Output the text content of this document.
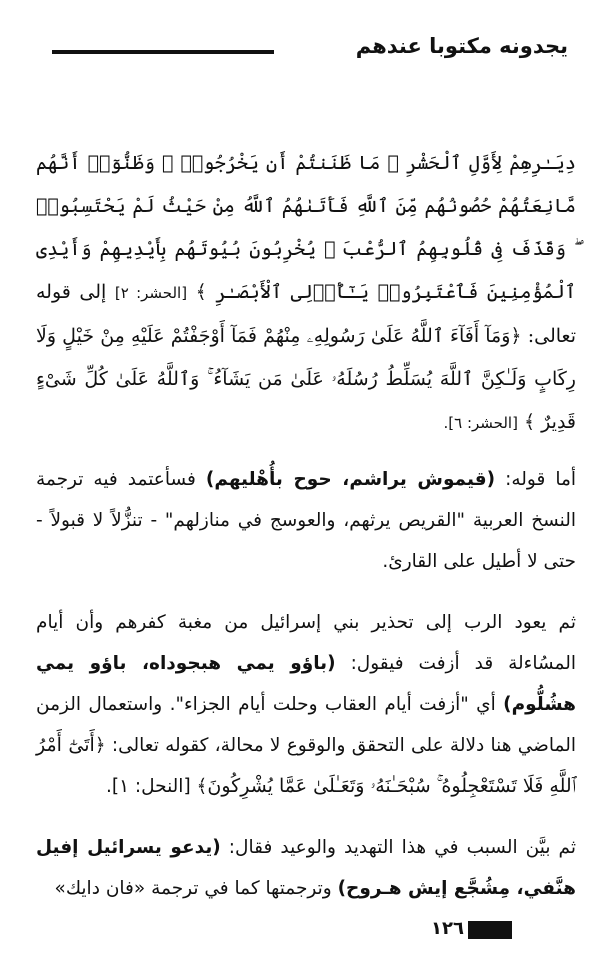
يجدونه مكتوبا عندهم

دِيَـٰرِهِمْ لِأَوَّلِ ٱلْحَشْرِ ۚ مَا ظَنَنتُمْ أَن يَخْرُجُوا۟ ۖ وَظَنُّوٓا۟ أَنَّهُم مَّانِعَتُهُمْ حُصُونُهُم مِّنَ ٱللَّهِ فَأَتَىٰهُمُ ٱللَّهُ مِنْ حَيْثُ لَمْ يَحْتَسِبُوا۟ ۖ وَقَذَفَ فِى قُلُوبِهِمُ ٱلرُّعْبَ ۚ يُخْرِبُونَ بُيُوتَهُم بِأَيْدِيهِمْ وَأَيْدِى ٱلْمُؤْمِنِينَ فَٱعْتَبِرُوا۟ يَـٰٓأُو۟لِى ٱلْأَبْصَـٰرِ ﴾ [الحشر: ٢] إلى قوله تعالى: ﴿وَمَآ أَفَآءَ ٱللَّهُ عَلَىٰ رَسُولِهِۦ مِنْهُمْ فَمَآ أَوْجَفْتُمْ عَلَيْهِ مِنْ خَيْلٍ وَلَا رِكَابٍ وَلَـٰكِنَّ ٱللَّهَ يُسَلِّطُ رُسُلَهُۥ عَلَىٰ مَن يَشَآءُ ۚ وَٱللَّهُ عَلَىٰ كُلِّ شَىْءٍ قَدِيرٌ ﴾ [الحشر: ٦].

أما قوله: (قيموش يراشم، حوح بأُهْليهم) فسأعتمد فيه ترجمة النسخ العربية "القريص يرثهم، والعوسج في منازلهم" - تنزُّلاً لا قبولاً - حتى لا أطيل على القارئ.

ثم يعود الرب إلى تحذير بني إسرائيل من مغبة كفرهم وأن أيام المسُاءلة قد أزفت فيقول: (باؤو يمي هبجوداه، باؤو يمي هشُلُّوم) أي "أزفت أيام العقاب وحلت أيام الجزاء". واستعمال الزمن الماضي هنا دلالة على التحقق والوقوع لا محالة، كقوله تعالى: ﴿أَتَىٰٓ أَمْرُ ٱللَّهِ فَلَا تَسْتَعْجِلُوهُ ۚ سُبْحَـٰنَهُۥ وَتَعَـٰلَىٰ عَمَّا يُشْرِكُونَ﴾ [النحل: ١].

ثم بيَّن السبب في هذا التهديد والوعيد فقال: (يدعو يسرائيل إفيل هنَّفي، مِشُجَّع إيش هـروح) وترجمتها كما في ترجمة «فان دايك»

١٢٦
